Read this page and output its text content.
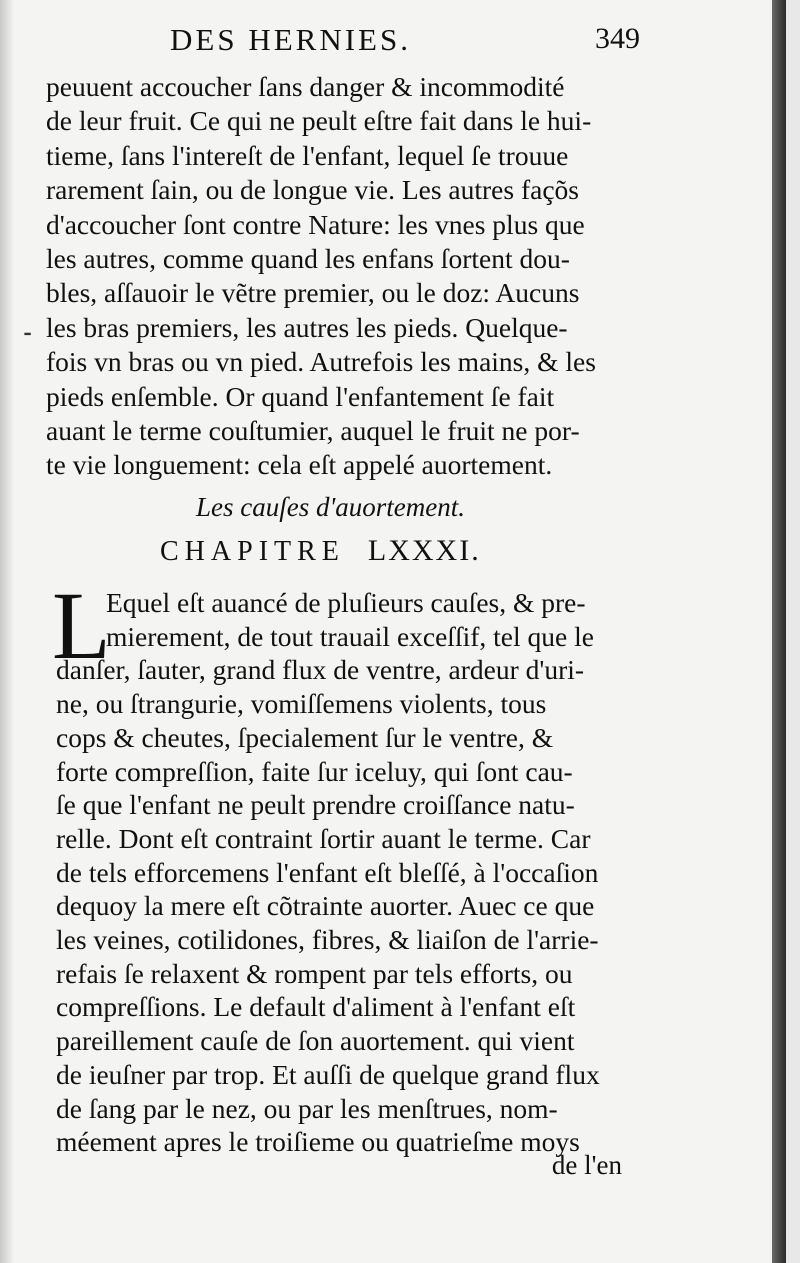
DES HERNIES.	349
⁃
peuuent accoucher ſans danger & incommodité
de leur fruit. Ce qui ne peult eſtre fait dans le hui-
tieme, ſans l'intereſt de l'enfant, lequel ſe trouue
rarement ſain, ou de longue vie. Les autres façõs
d'accoucher ſont contre Nature: les vnes plus que
les autres, comme quand les enfans ſortent dou-
bles, aſſauoir le vẽtre premier, ou le doz: Aucuns
les bras premiers, les autres les pieds. Quelque-
fois vn bras ou vn pied. Autrefois les mains, & les
pieds enſemble. Or quand l'enfantement ſe fait
auant le terme couſtumier, auquel le fruit ne por-
te vie longuement: cela eſt appelé auortement.
Les cauſes d'auortement.
CHAPITRE LXXXI.
L
Equel eſt auancé de pluſieurs cauſes, & pre-
mierement, de tout trauail exceſſif, tel que le
danſer, ſauter, grand flux de ventre, ardeur d'uri-
ne, ou ſtrangurie, vomiſſemens violents, tous
cops & cheutes, ſpecialement ſur le ventre, &
forte compreſſion, faite ſur iceluy, qui ſont cau-
ſe que l'enfant ne peult prendre croiſſance natu-
relle. Dont eſt contraint ſortir auant le terme. Car
de tels efforcemens l'enfant eſt bleſſé, à l'occaſion
dequoy la mere eſt cõtrainte auorter. Auec ce que
les veines, cotilidones, fibres, & liaiſon de l'arrie-
refais ſe relaxent & rompent par tels efforts, ou
compreſſions. Le default d'aliment à l'enfant eſt
pareillement cauſe de ſon auortement. qui vient
de ieuſner par trop. Et auſſi de quelque grand flux
de ſang par le nez, ou par les menſtrues, nom-
méement apres le troiſieme ou quatrieſme moys
de l'en
